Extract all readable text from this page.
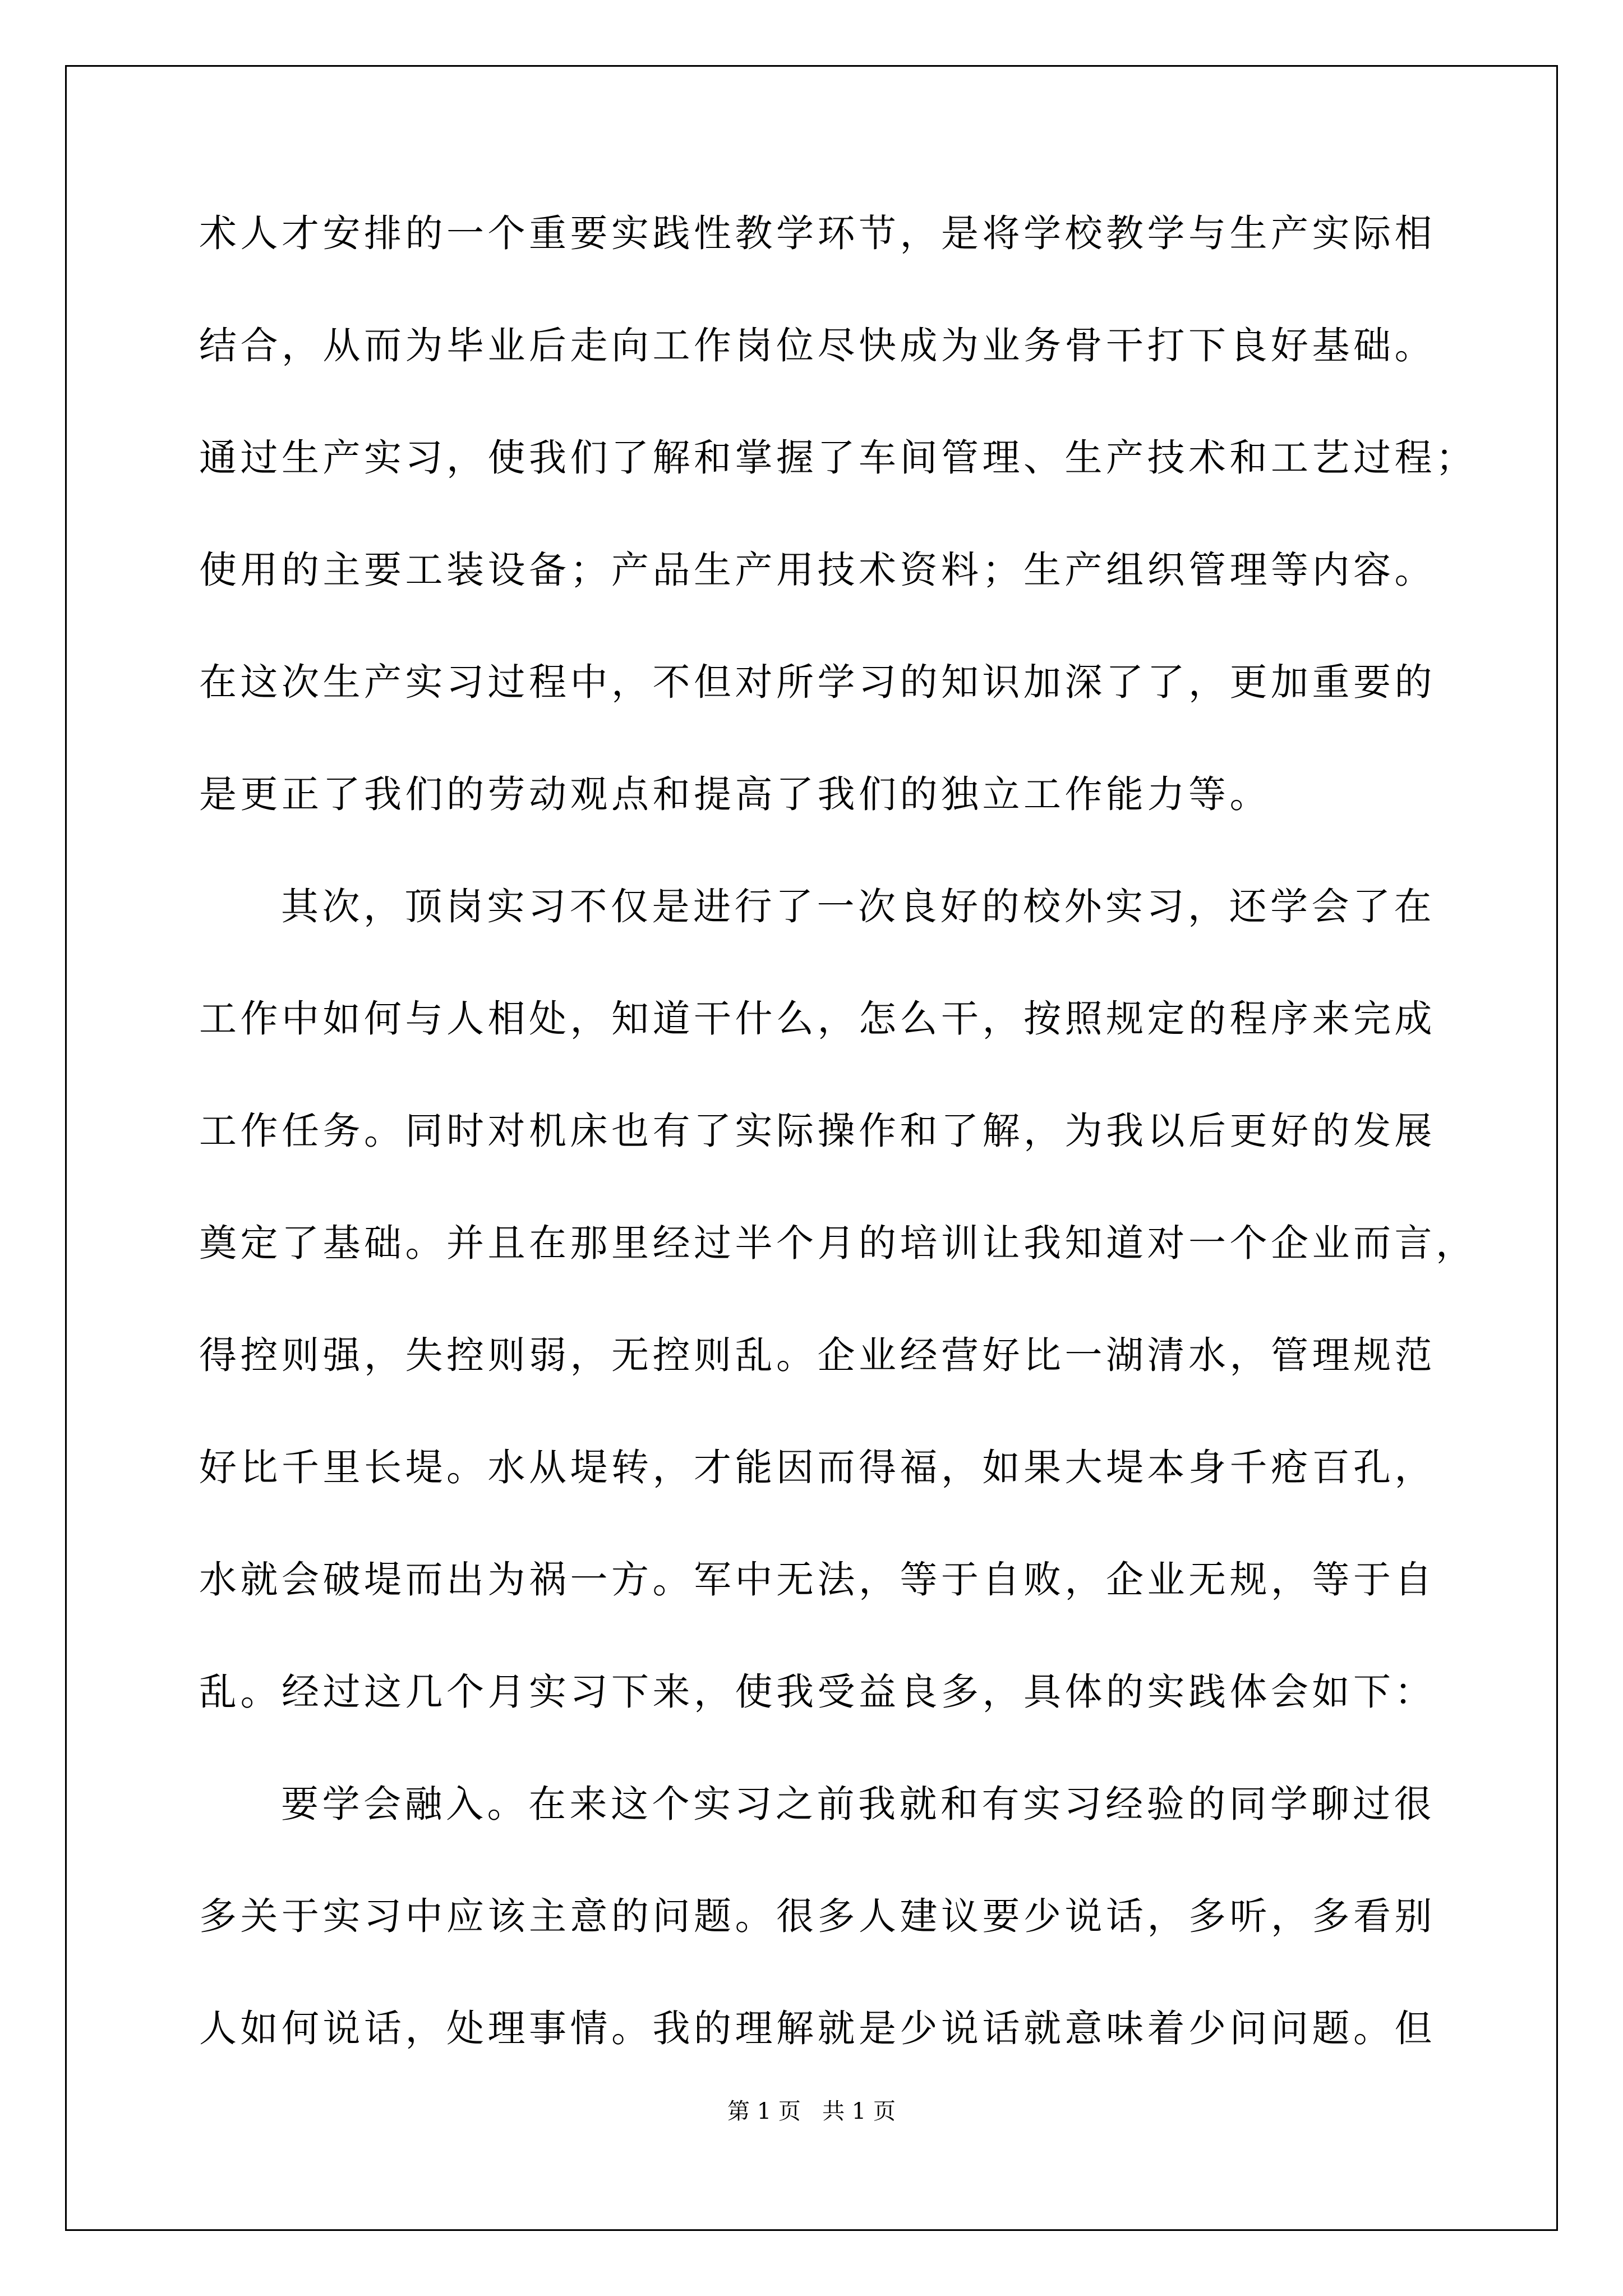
术人才安排的一个重要实践性教学环节，是将学校教学与生产实际相
结合，从而为毕业后走向工作岗位尽快成为业务骨干打下良好基础。
通过生产实习，使我们了解和掌握了车间管理、生产技术和工艺过程；
使用的主要工装设备；产品生产用技术资料；生产组织管理等内容。
在这次生产实习过程中，不但对所学习的知识加深了了，更加重要的
是更正了我们的劳动观点和提高了我们的独立工作能力等。
其次，顶岗实习不仅是进行了一次良好的校外实习，还学会了在
工作中如何与人相处，知道干什么，怎么干，按照规定的程序来完成
工作任务。同时对机床也有了实际操作和了解，为我以后更好的发展
奠定了基础。并且在那里经过半个月的培训让我知道对一个企业而言，
得控则强，失控则弱，无控则乱。企业经营好比一湖清水，管理规范
好比千里长堤。水从堤转，才能因而得福，如果大堤本身千疮百孔，
水就会破堤而出为祸一方。军中无法，等于自败，企业无规，等于自
乱。经过这几个月实习下来，使我受益良多，具体的实践体会如下：
要学会融入。在来这个实习之前我就和有实习经验的同学聊过很
多关于实习中应该主意的问题。很多人建议要少说话，多听，多看别
人如何说话，处理事情。我的理解就是少说话就意味着少问问题。但
第 1 页   共 1 页
